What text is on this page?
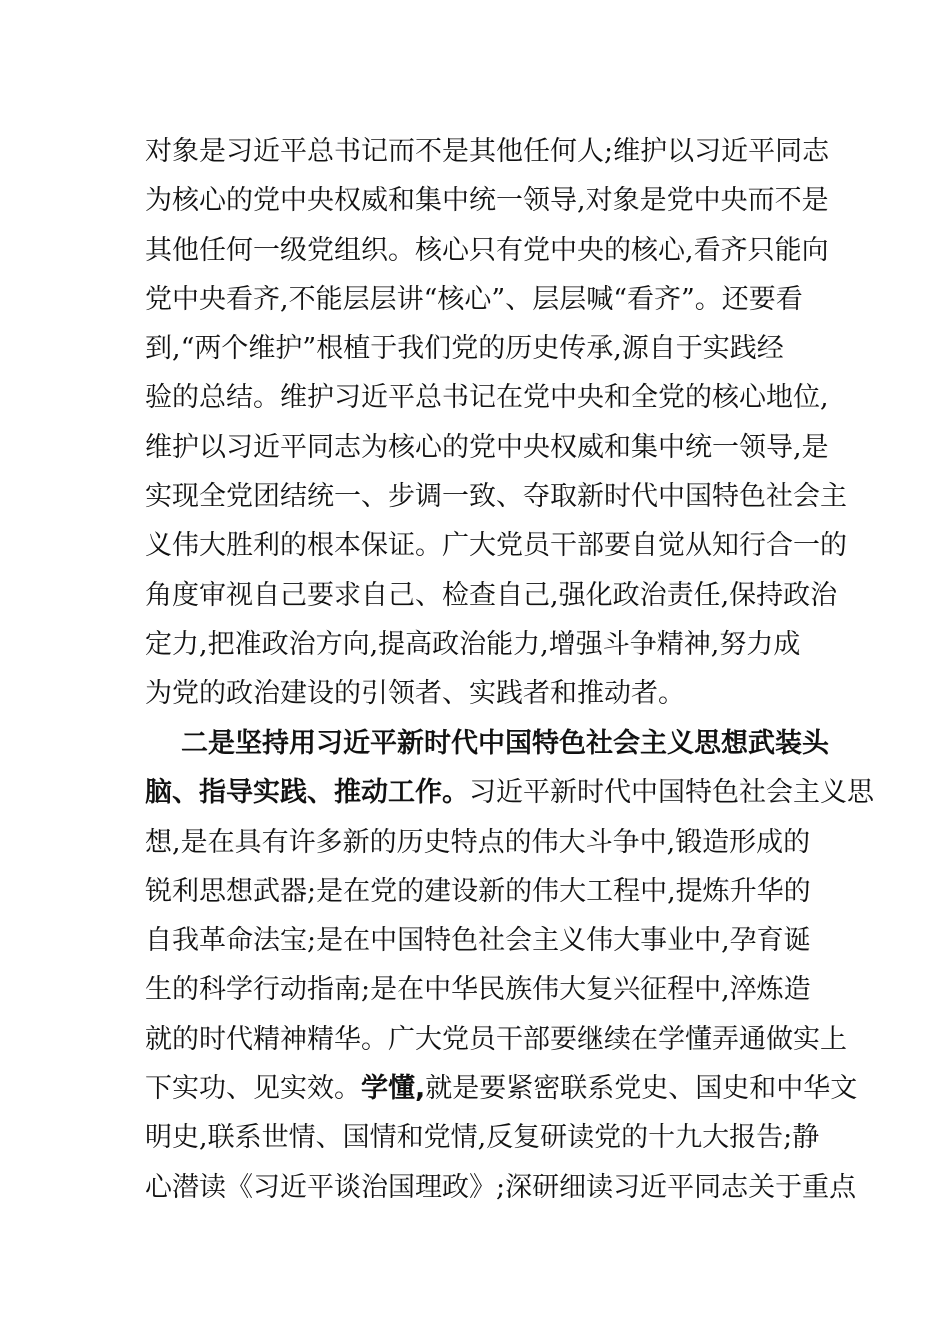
对象是习近平总书记而不是其他任何人;维护以习近平同志
为核心的党中央权威和集中统一领导,对象是党中央而不是
其他任何一级党组织。核心只有党中央的核心,看齐只能向
党中央看齐,不能层层讲“核心”、层层喊“看齐”。还要看
到,“两个维护”根植于我们党的历史传承,源自于实践经
验的总结。维护习近平总书记在党中央和全党的核心地位,
维护以习近平同志为核心的党中央权威和集中统一领导,是
实现全党团结统一、步调一致、夺取新时代中国特色社会主
义伟大胜利的根本保证。广大党员干部要自觉从知行合一的
角度审视自己要求自己、检查自己,强化政治责任,保持政治
定力,把准政治方向,提高政治能力,增强斗争精神,努力成
为党的政治建设的引领者、实践者和推动者。
二是坚持用习近平新时代中国特色社会主义思想武装头
脑、指导实践、推动工作。习近平新时代中国特色社会主义思
想,是在具有许多新的历史特点的伟大斗争中,锻造形成的
锐利思想武器;是在党的建设新的伟大工程中,提炼升华的
自我革命法宝;是在中国特色社会主义伟大事业中,孕育诞
生的科学行动指南;是在中华民族伟大复兴征程中,淬炼造
就的时代精神精华。广大党员干部要继续在学懂弄通做实上
下实功、见实效。学懂,就是要紧密联系党史、国史和中华文
明史,联系世情、国情和党情,反复研读党的十九大报告;静
心潜读《习近平谈治国理政》;深研细读习近平同志关于重点
